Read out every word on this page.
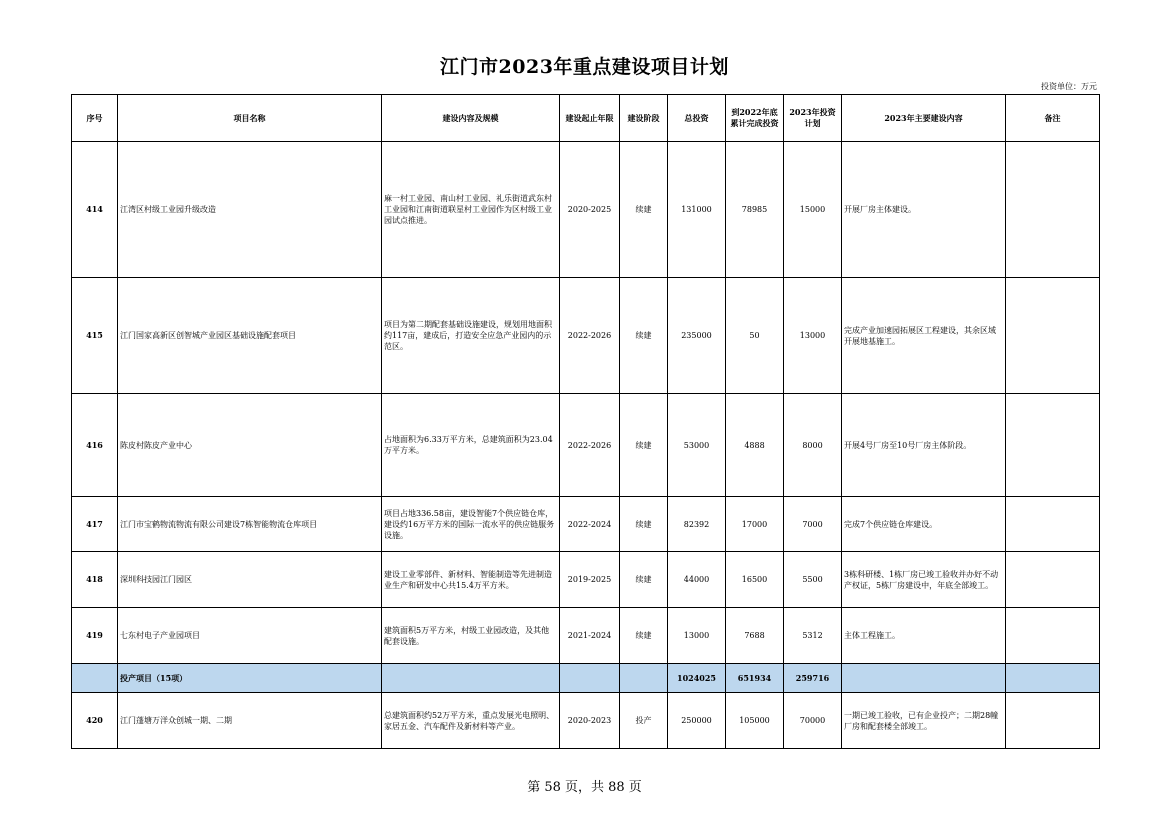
江门市2023年重点建设项目计划
投资单位：万元
序号	项目名称	建设内容及规模	建设起止年限	建设阶段	总投资	到2022年底累计完成投资	2023年投资计划	2023年主要建设内容	备注
414	江湾区村级工业园升级改造	麻一村工业园、南山村工业园、礼乐街道武东村工业园和江南街道联星村工业园作为区村级工业园试点推进。	2020-2025	续建	131000	78985	15000	开展厂房主体建设。	
415	江门国家高新区创智城产业园区基础设施配套项目	项目为第二期配套基础设施建设，规划用地面积约117亩，建成后，打造安全应急产业园内的示范区。	2022-2026	续建	235000	50	13000	完成产业加速园拓展区工程建设，其余区域开展地基施工。	
416	陈皮村陈皮产业中心	占地面积为6.33万平方米，总建筑面积为23.04万平方米。	2022-2026	续建	53000	4888	8000	开展4号厂房至10号厂房主体阶段。	
417	江门市宝鹤物流物流有限公司建设7栋智能物流仓库项目	项目占地336.58亩，建设智能7个供应链仓库，建设约16万平方米的国际一流水平的供应链服务设施。	2022-2024	续建	82392	17000	7000	完成7个供应链仓库建设。	
418	深圳科技园江门园区	建设工业零部件、新材料、智能制造等先进制造业生产和研发中心共15.4万平方米。	2019-2025	续建	44000	16500	5500	3栋科研楼、1栋厂房已竣工验收并办好不动产权证，5栋厂房建设中，年底全部竣工。	
419	七东村电子产业园项目	建筑面积5万平方米，村级工业园改造，及其他配套设施。	2021-2024	续建	13000	7688	5312	主体工程施工。	
	投产项目（15项）				1024025	651934	259716		
420	江门蓬塘万洋众创城一期、二期	总建筑面积约52万平方米，重点发展光电照明、家居五金、汽车配件及新材料等产业。	2020-2023	投产	250000	105000	70000	一期已竣工验收，已有企业投产；二期28幢厂房和配套楼全部竣工。	
第 58 页，共 88 页
